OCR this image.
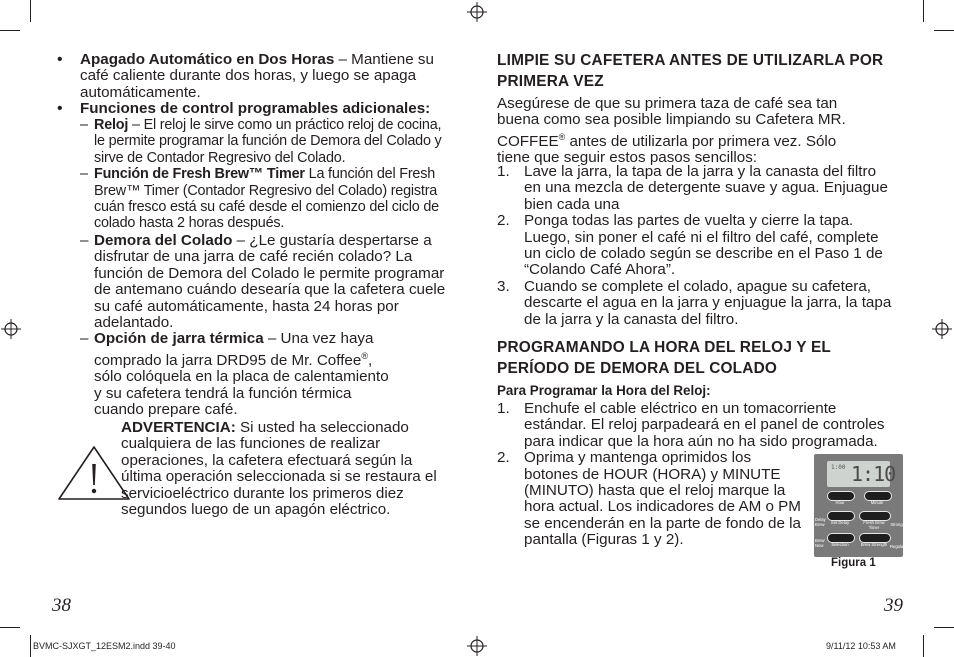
• Apagado Automático en Dos Horas – Mantiene su café caliente durante dos horas, y luego se apaga automáticamente.
• Funciones de control programables adicionales:
– Reloj – El reloj le sirve como un práctico reloj de cocina, le permite programar la función de Demora del Colado y sirve de Contador Regresivo del Colado.
– Función de Fresh Brew™ Timer La función del Fresh Brew™ Timer (Contador Regresivo del Colado) registra cuán fresco está su café desde el comienzo del ciclo de colado hasta 2 horas después.
– Demora del Colado – ¿Le gustaría despertarse a disfrutar de una jarra de café recién colado? La función de Demora del Colado le permite programar de antemano cuándo desearía que la cafetera cuele su café automáticamente, hasta 24 horas por adelantado.
– Opción de jarra térmica – Una vez haya comprado la jarra DRD95 de Mr. Coffee®, sólo colóquela en la placa de calentamiento y su cafetera tendrá la función térmica cuando prepare café.
ADVERTENCIA: Si usted ha seleccionado cualquiera de las funciones de realizar operaciones, la cafetera efectuará según la última operación seleccionada si se restaura el servicioeléctrico durante los primeros diez segundos luego de un apagón eléctrico.
38
LIMPIE SU CAFETERA ANTES DE UTILIZARLA POR PRIMERA VEZ
Asegúrese de que su primera taza de café sea tan buena como sea posible limpiando su Cafetera MR. COFFEE® antes de utilizarla por primera vez. Sólo tiene que seguir estos pasos sencillos:
1. Lave la jarra, la tapa de la jarra y la canasta del filtro en una mezcla de detergente suave y agua. Enjuague bien cada una
2. Ponga todas las partes de vuelta y cierre la tapa. Luego, sin poner el café ni el filtro del café, complete un ciclo de colado según se describe en el Paso 1 de “Colando Café Ahora”.
3. Cuando se complete el colado, apague su cafetera, descarte el agua en la jarra y enjuague la jarra, la tapa de la jarra y la canasta del filtro.
PROGRAMANDO LA HORA DEL RELOJ Y EL PERÍODO DE DEMORA DEL COLADO
Para Programar la Hora del Reloj:
1. Enchufe el cable eléctrico en un tomacorriente estándar. El reloj parpadeará en el panel de controles para indicar que la hora aún no ha sido programada.
2. Oprima y mantenga oprimidos los botones de HOUR (HORA) y MINUTE (MINUTO) hasta que el reloj marque la hora actual. Los indicadores de AM o PM se encenderán en la parte de fondo de la pantalla (Figuras 1 y 2).
1:00 1:10
Hour	Minute
Delay Brew	Set Delay	Fresh Brew Timer
Strong
Brew Now	Selection	Brew Strength Regular
Figura 1
39
BVMC-SJXGT_12ESM2.indd 39-40	9/11/12 10:53 AM
